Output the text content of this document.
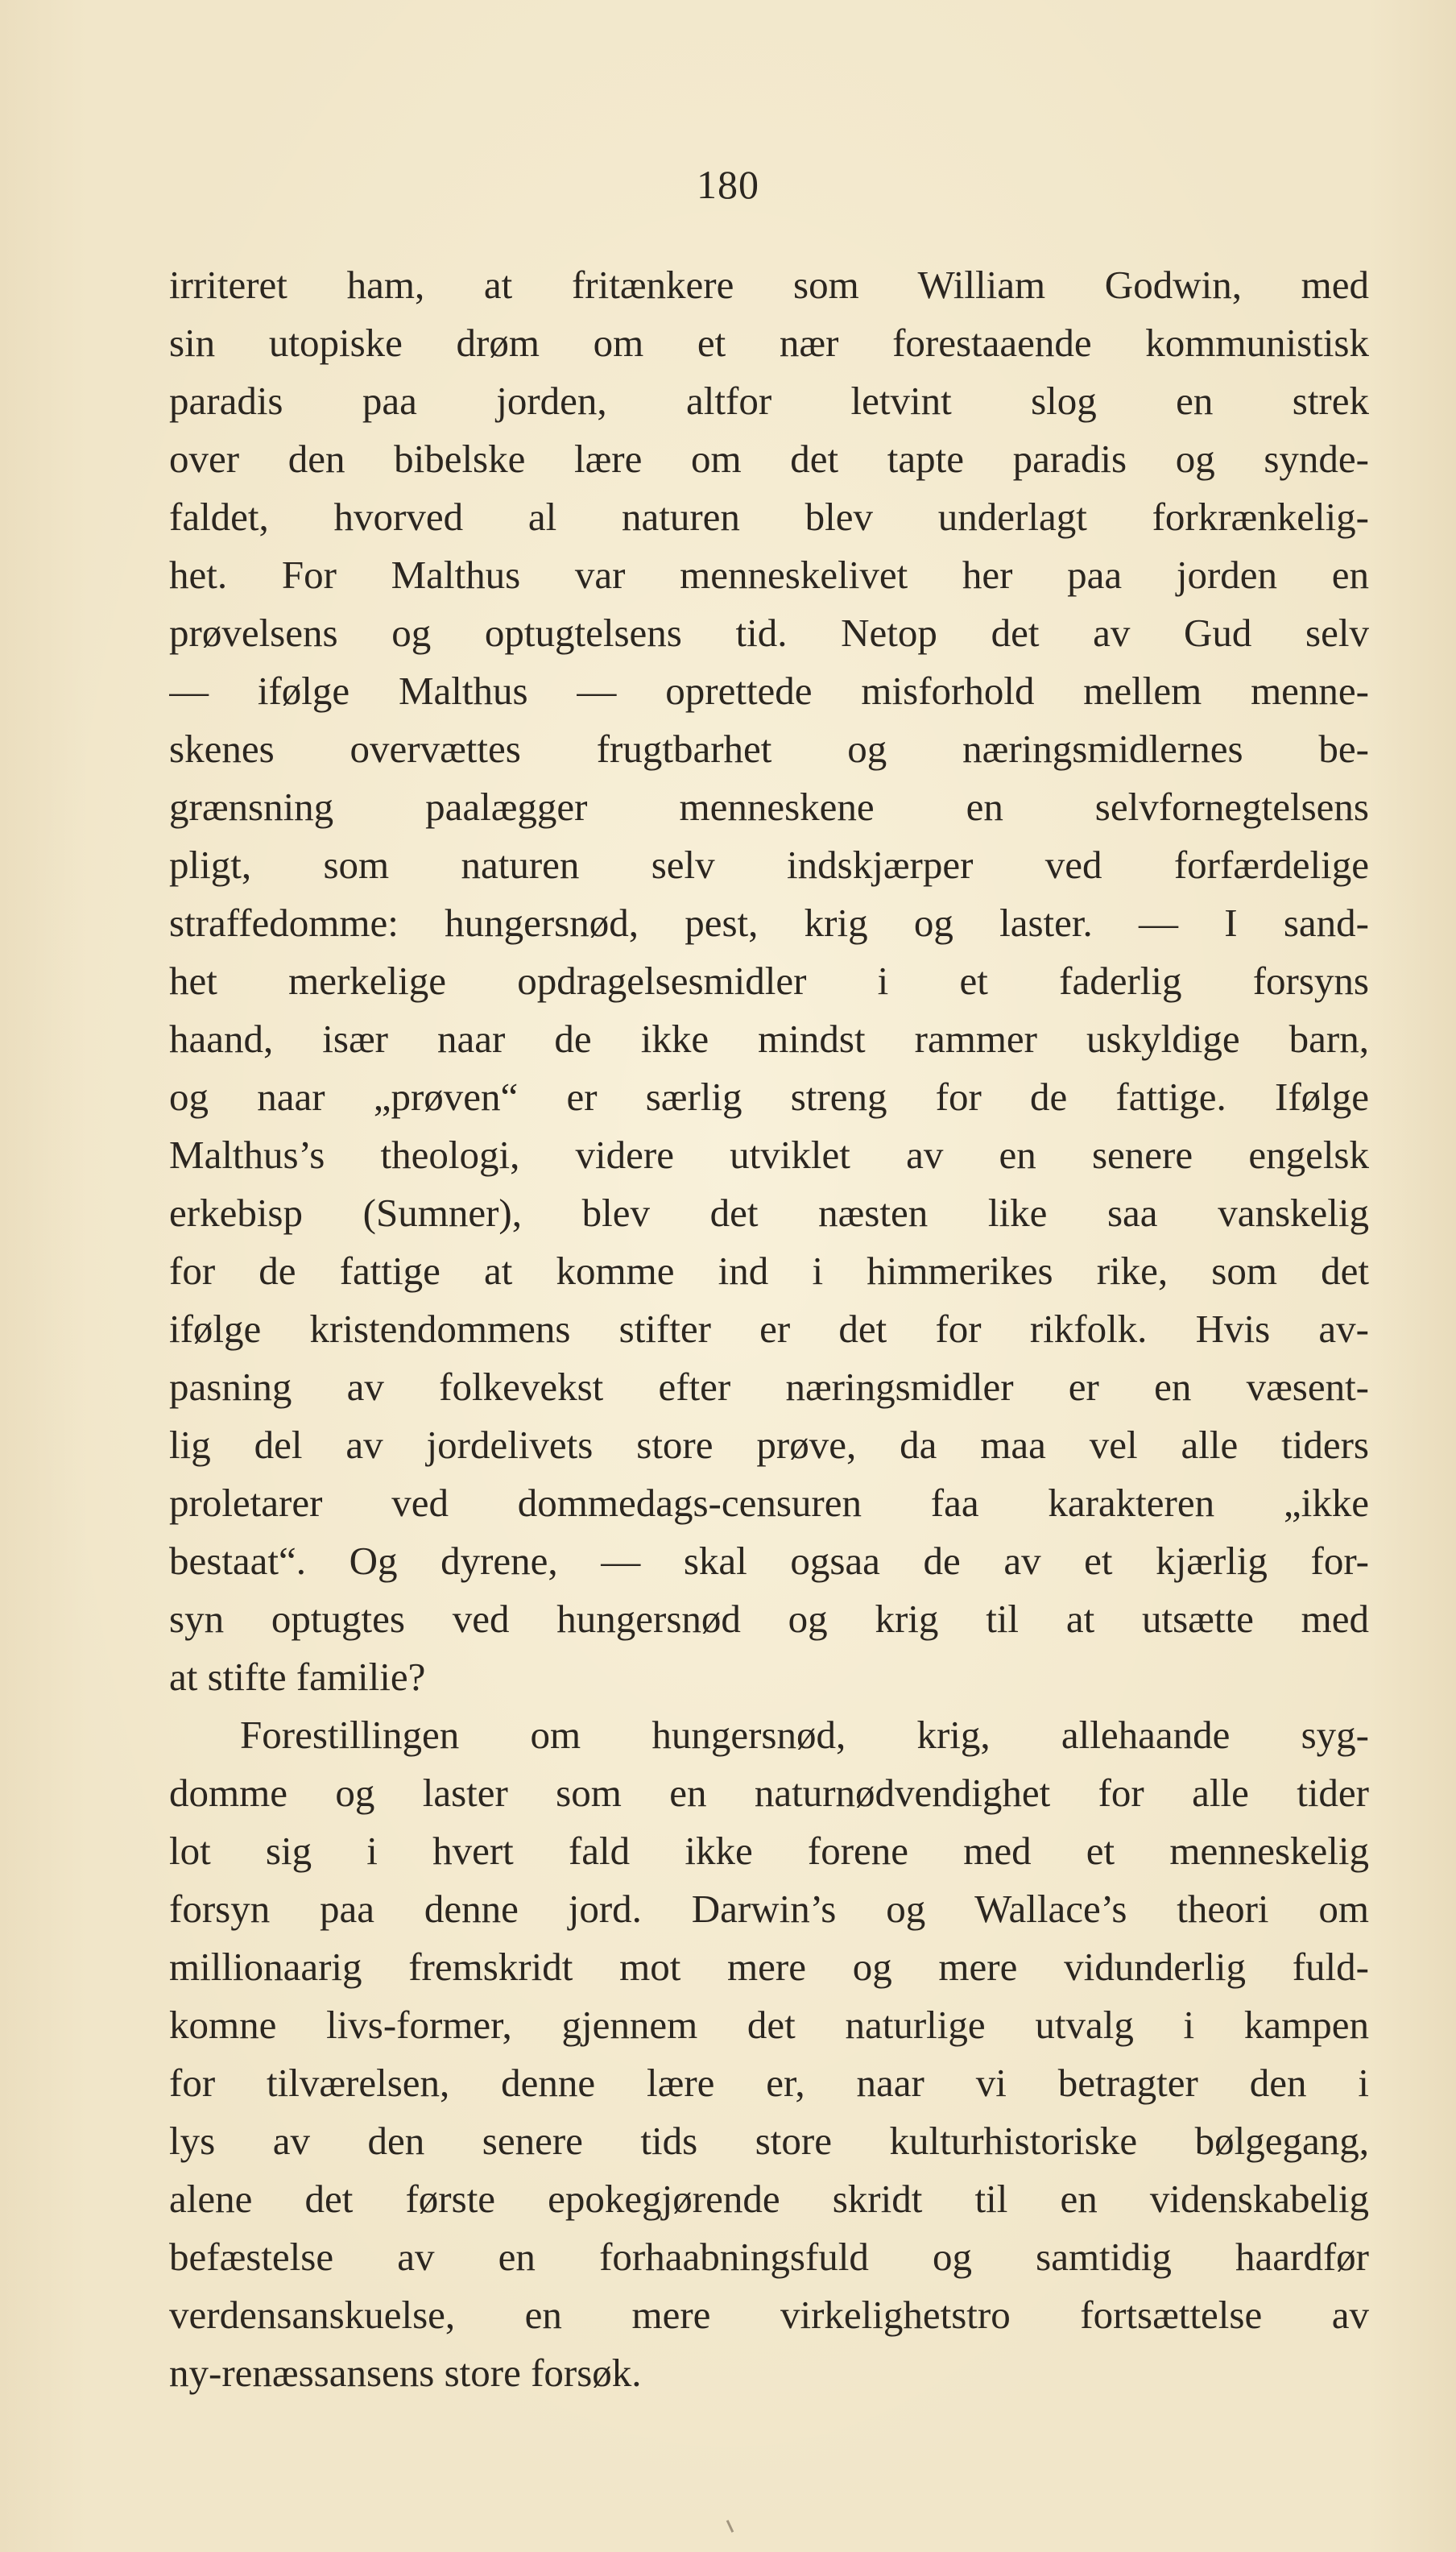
180
irriteret ham, at fritænkere som William Godwin, med
sin utopiske drøm om et nær forestaaende kommunistisk
paradis paa jorden, altfor letvint slog en strek
over den bibelske lære om det tapte paradis og synde-
faldet, hvorved al naturen blev underlagt forkrænkelig-
het. For Malthus var menneskelivet her paa jorden en
prøvelsens og optugtelsens tid. Netop det av Gud selv
— ifølge Malthus — oprettede misforhold mellem menne-
skenes overvættes frugtbarhet og næringsmidlernes be-
grænsning paalægger menneskene en selvfornegtelsens
pligt, som naturen selv indskjærper ved forfærdelige
straffedomme: hungersnød, pest, krig og laster. — I sand-
het merkelige opdragelsesmidler i et faderlig forsyns
haand, især naar de ikke mindst rammer uskyldige barn,
og naar „prøven“ er særlig streng for de fattige. Ifølge
Malthus’s theologi, videre utviklet av en senere engelsk
erkebisp (Sumner), blev det næsten like saa vanskelig
for de fattige at komme ind i himmerikes rike, som det
ifølge kristendommens stifter er det for rikfolk. Hvis av-
pasning av folkevekst efter næringsmidler er en væsent-
lig del av jordelivets store prøve, da maa vel alle tiders
proletarer ved dommedags-censuren faa karakteren „ikke
bestaat“. Og dyrene, — skal ogsaa de av et kjærlig for-
syn optugtes ved hungersnød og krig til at utsætte med
at stifte familie?
Forestillingen om hungersnød, krig, allehaande syg-
domme og laster som en naturnødvendighet for alle tider
lot sig i hvert fald ikke forene med et menneskelig
forsyn paa denne jord. Darwin’s og Wallace’s theori om
millionaarig fremskridt mot mere og mere vidunderlig fuld-
komne livs-former, gjennem det naturlige utvalg i kampen
for tilværelsen, denne lære er, naar vi betragter den i
lys av den senere tids store kulturhistoriske bølgegang,
alene det første epokegjørende skridt til en videnskabelig
befæstelse av en forhaabningsfuld og samtidig haardfør
verdensanskuelse, en mere virkelighetstro fortsættelse av
ny-renæssansens store forsøk.
